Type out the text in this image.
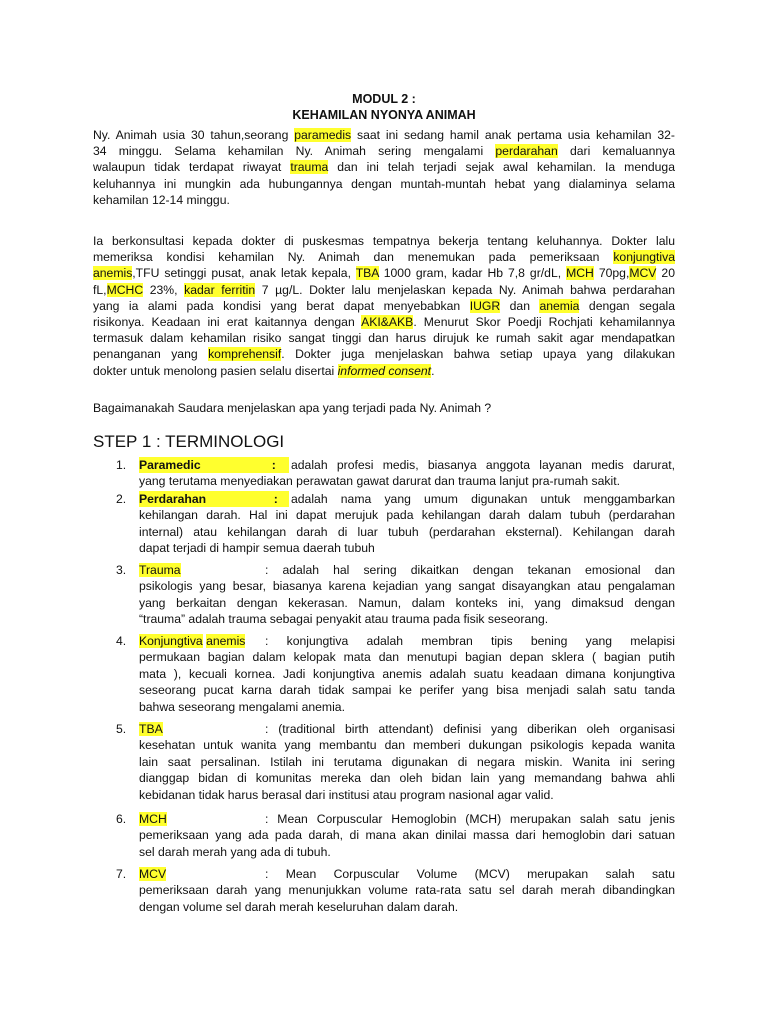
MODUL 2 :
KEHAMILAN NYONYA ANIMAH
Ny. Animah usia 30 tahun,seorang paramedis saat ini sedang hamil anak pertama usia kehamilan 32-
34 minggu. Selama kehamilan Ny. Animah sering mengalami perdarahan dari kemaluannya
walaupun tidak terdapat riwayat trauma dan ini telah terjadi sejak awal kehamilan. Ia menduga
keluhannya ini mungkin ada hubungannya dengan muntah-muntah hebat yang dialaminya selama
kehamilan 12-14 minggu.
Ia berkonsultasi kepada dokter di puskesmas tempatnya bekerja tentang keluhannya. Dokter lalu
memeriksa kondisi kehamilan Ny. Animah dan menemukan pada pemeriksaan konjungtiva
anemis,TFU setinggi pusat, anak letak kepala, TBA 1000 gram, kadar Hb 7,8 gr/dL, MCH 70pg,MCV 20
fL,MCHC 23%, kadar ferritin 7 µg/L. Dokter lalu menjelaskan kepada Ny. Animah bahwa perdarahan
yang ia alami pada kondisi yang berat dapat menyebabkan IUGR dan anemia dengan segala
risikonya. Keadaan ini erat kaitannya dengan AKI&AKB. Menurut Skor Poedji Rochjati kehamilannya
termasuk dalam kehamilan risiko sangat tinggi dan harus dirujuk ke rumah sakit agar mendapatkan
penanganan yang komprehensif. Dokter juga menjelaskan bahwa setiap upaya yang dilakukan
dokter untuk menolong pasien selalu disertai informed consent.
Bagaimanakah Saudara menjelaskan apa yang terjadi pada Ny. Animah ?
STEP 1 : TERMINOLOGI
1.	Paramedic                     :	adalah profesi medis, biasanya anggota layanan medis darurat,
yang terutama menyediakan perawatan gawat darurat dan trauma lanjut pra-rumah sakit.
2.	Perdarahan                    :	adalah nama yang umum digunakan untuk menggambarkan
kehilangan darah. Hal ini dapat merujuk pada kehilangan darah dalam tubuh (perdarahan
internal) atau kehilangan darah di luar tubuh (perdarahan eksternal). Kehilangan darah
dapat terjadi di hampir semua daerah tubuh
3.	Trauma	: adalah hal sering dikaitkan dengan tekanan emosional dan
psikologis yang besar, biasanya karena kejadian yang sangat disayangkan atau pengalaman
yang berkaitan dengan kekerasan. Namun, dalam konteks ini, yang dimaksud dengan
“trauma” adalah trauma sebagai penyakit atau trauma pada fisik seseorang.
4.	Konjungtiva anemis : konjungtiva adalah membran tipis bening yang melapisi
permukaan bagian dalam kelopak mata dan menutupi bagian depan sklera ( bagian putih
mata ), kecuali kornea. Jadi konjungtiva anemis adalah suatu keadaan dimana konjungtiva
seseorang pucat karna darah tidak sampai ke perifer yang bisa menjadi salah satu tanda
bahwa seseorang mengalami anemia.
5.	TBA	: (traditional birth attendant) definisi yang diberikan oleh organisasi
kesehatan untuk wanita yang membantu dan memberi dukungan psikologis kepada wanita
lain saat persalinan. Istilah ini terutama digunakan di negara miskin. Wanita ini sering
dianggap bidan di komunitas mereka dan oleh bidan lain yang memandang bahwa ahli
kebidanan tidak harus berasal dari institusi atau program nasional agar valid.
6.	MCH	: Mean Corpuscular Hemoglobin (MCH) merupakan salah satu jenis
pemeriksaan yang ada pada darah, di mana akan dinilai massa dari hemoglobin dari satuan
sel darah merah yang ada di tubuh.
7.	MCV	: Mean Corpuscular Volume (MCV) merupakan salah satu
pemeriksaan darah yang menunjukkan volume rata-rata satu sel darah merah dibandingkan
dengan volume sel darah merah keseluruhan dalam darah.
